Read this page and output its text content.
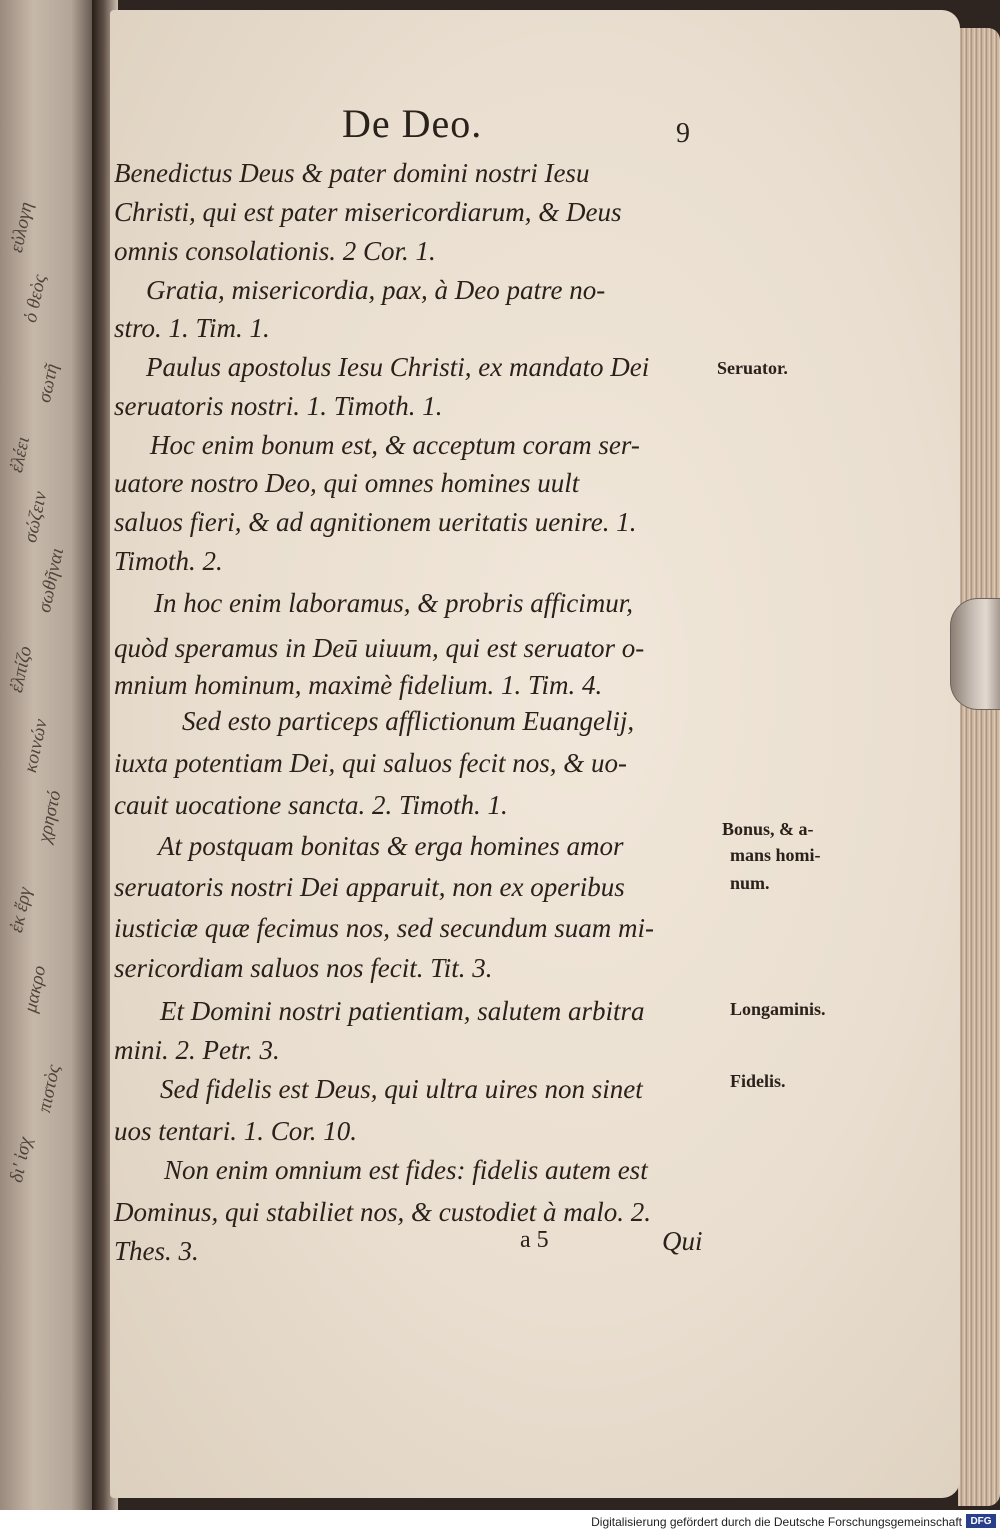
εὐλογη
ὁ θεὸς
σωτῆ
ἐλέει
σώζειν
σωθῆναι
ἐλπίζο
κοινών
χρηστό
ἐκ ἔργ
μακρο
πιστὸς
δι' ἰσχ
De Deo.	9
Benedictus Deus & pater domini nostri Iesu
Christi, qui est pater misericordiarum, & Deus
omnis consolationis. 2 Cor. 1.
Gratia, misericordia, pax, à Deo patre no-
stro. 1. Tim. 1.
Paulus apostolus Iesu Christi, ex mandato Dei
seruatoris nostri. 1. Timoth. 1.
Hoc enim bonum est, & acceptum coram ser-
uatore nostro Deo, qui omnes homines uult
saluos fieri, & ad agnitionem ueritatis uenire. 1.
Timoth. 2.
In hoc enim laboramus, & probris afficimur,
quòd speramus in Deū uiuum, qui est seruator o-
mnium hominum, maximè fidelium. 1. Tim. 4.
Sed esto particeps afflictionum Euangelij,
iuxta potentiam Dei, qui saluos fecit nos, & uo-
cauit uocatione sancta. 2. Timoth. 1.
At postquam bonitas & erga homines amor
seruatoris nostri Dei apparuit, non ex operibus
iusticiæ quæ fecimus nos, sed secundum suam mi-
sericordiam saluos nos fecit. Tit. 3.
Et Domini nostri patientiam, salutem arbitra
mini. 2. Petr. 3.
Sed fidelis est Deus, qui ultra uires non sinet
uos tentari. 1. Cor. 10.
Non enim omnium est fides: fidelis autem est
Dominus, qui stabiliet nos, & custodiet à malo. 2.
Thes. 3.
Seruator.
Bonus, & a-
mans homi-
num.
Longaminis.
Fidelis.
a 5	Qui
Digitalisierung gefördert durch die Deutsche Forschungsgemeinschaft DFG
